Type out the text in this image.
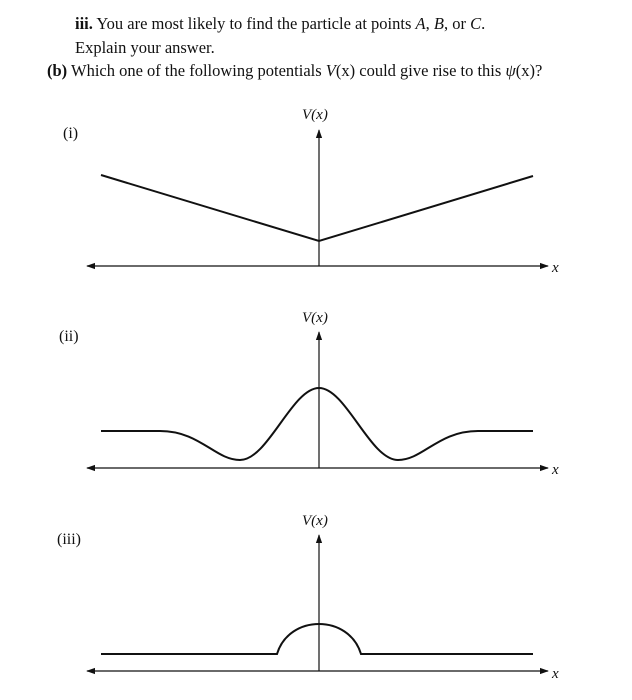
iii. You are most likely to find the particle at points A, B, or C.
Explain your answer.
(b) Which one of the following potentials V(x) could give rise to this ψ(x)?
(i)
(ii)
(iii)
V(x)
x
V(x)
x
V(x)
x
